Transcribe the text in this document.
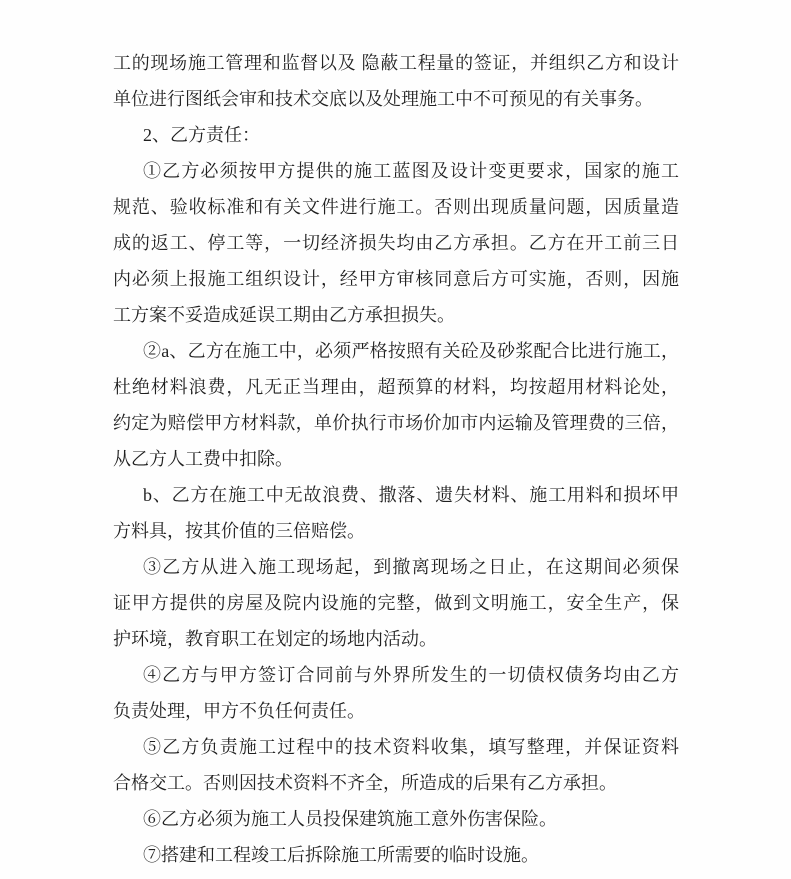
工的现场施工管理和监督以及 隐蔽工程量的签证，并组织乙方和设计
单位进行图纸会审和技术交底以及处理施工中不可预见的有关事务。

2、乙方责任：

①乙方必须按甲方提供的施工蓝图及设计变更要求，国家的施工
规范、验收标准和有关文件进行施工。否则出现质量问题，因质量造
成的返工、停工等，一切经济损失均由乙方承担。乙方在开工前三日
内必须上报施工组织设计，经甲方审核同意后方可实施，否则，因施
工方案不妥造成延误工期由乙方承担损失。

②a、乙方在施工中，必须严格按照有关砼及砂浆配合比进行施工，
杜绝材料浪费，凡无正当理由，超预算的材料，均按超用材料论处，
约定为赔偿甲方材料款，单价执行市场价加市内运输及管理费的三倍，
从乙方人工费中扣除。

b、乙方在施工中无故浪费、撒落、遗失材料、施工用料和损坏甲
方料具，按其价值的三倍赔偿。

③乙方从进入施工现场起，到撤离现场之日止，在这期间必须保
证甲方提供的房屋及院内设施的完整，做到文明施工，安全生产，保
护环境，教育职工在划定的场地内活动。

④乙方与甲方签订合同前与外界所发生的一切债权债务均由乙方
负责处理，甲方不负任何责任。

⑤乙方负责施工过程中的技术资料收集，填写整理，并保证资料
合格交工。否则因技术资料不齐全，所造成的后果有乙方承担。

⑥乙方必须为施工人员投保建筑施工意外伤害保险。

⑦搭建和工程竣工后拆除施工所需要的临时设施。
